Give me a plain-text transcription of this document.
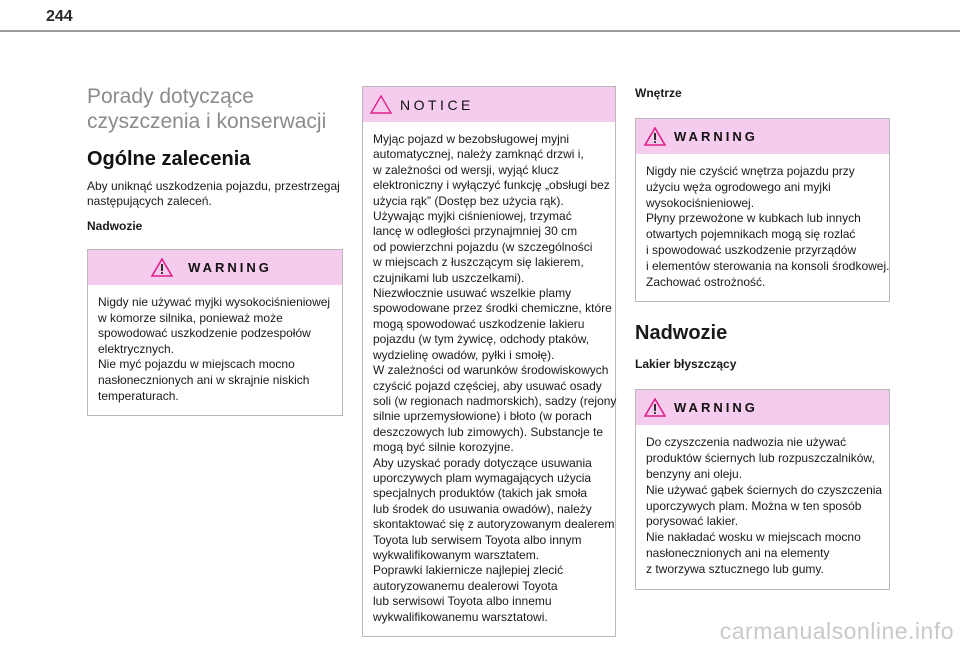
244
Porady dotyczące
czyszczenia i konserwacji
Ogólne zalecenia
Aby uniknąć uszkodzenia pojazdu, przestrzegaj następujących zaleceń.
Nadwozie
WARNING
Nigdy nie używać myjki wysokociśnieniowej
w komorze silnika, ponieważ może
spowodować uszkodzenie podzespołów
elektrycznych.
Nie myć pojazdu w miejscach mocno
nasłonecznionych ani w skrajnie niskich
temperaturach.
NOTICE
Myjąc pojazd w bezobsługowej myjni
automatycznej, należy zamknąć drzwi i,
w zależności od wersji, wyjąć klucz
elektroniczny i wyłączyć funkcję „obsługi bez
użycia rąk” (Dostęp bez użycia rąk).
Używając myjki ciśnieniowej, trzymać
lancę w odległości przynajmniej 30 cm
od powierzchni pojazdu (w szczególności
w miejscach z łuszczącym się lakierem,
czujnikami lub uszczelkami).
Niezwłocznie usuwać wszelkie plamy
spowodowane przez środki chemiczne, które
mogą spowodować uszkodzenie lakieru
pojazdu (w tym żywicę, odchody ptaków,
wydzielinę owadów, pyłki i smołę).
W zależności od warunków środowiskowych
czyścić pojazd częściej, aby usuwać osady
soli (w regionach nadmorskich), sadzy (rejony
silnie uprzemysłowione) i błoto (w porach
deszczowych lub zimowych). Substancje te
mogą być silnie korozyjne.
Aby uzyskać porady dotyczące usuwania
uporczywych plam wymagających użycia
specjalnych produktów (takich jak smoła
lub środek do usuwania owadów), należy
skontaktować się z autoryzowanym dealerem
Toyota lub serwisem Toyota albo innym
wykwalifikowanym warsztatem.
Poprawki lakiernicze najlepiej zlecić
autoryzowanemu dealerowi Toyota
lub serwisowi Toyota albo innemu
wykwalifikowanemu warsztatowi.
Wnętrze
WARNING
Nigdy nie czyścić wnętrza pojazdu przy
użyciu węża ogrodowego ani myjki
wysokociśnieniowej.
Płyny przewożone w kubkach lub innych
otwartych pojemnikach mogą się rozlać
i spowodować uszkodzenie przyrządów
i elementów sterowania na konsoli środkowej.
Zachować ostrożność.
Nadwozie
Lakier błyszczący
WARNING
Do czyszczenia nadwozia nie używać
produktów ściernych lub rozpuszczalników,
benzyny ani oleju.
Nie używać gąbek ściernych do czyszczenia
uporczywych plam. Można w ten sposób
porysować lakier.
Nie nakładać wosku w miejscach mocno
nasłonecznionych ani na elementy
z tworzywa sztucznego lub gumy.
carmanualsonline.info
